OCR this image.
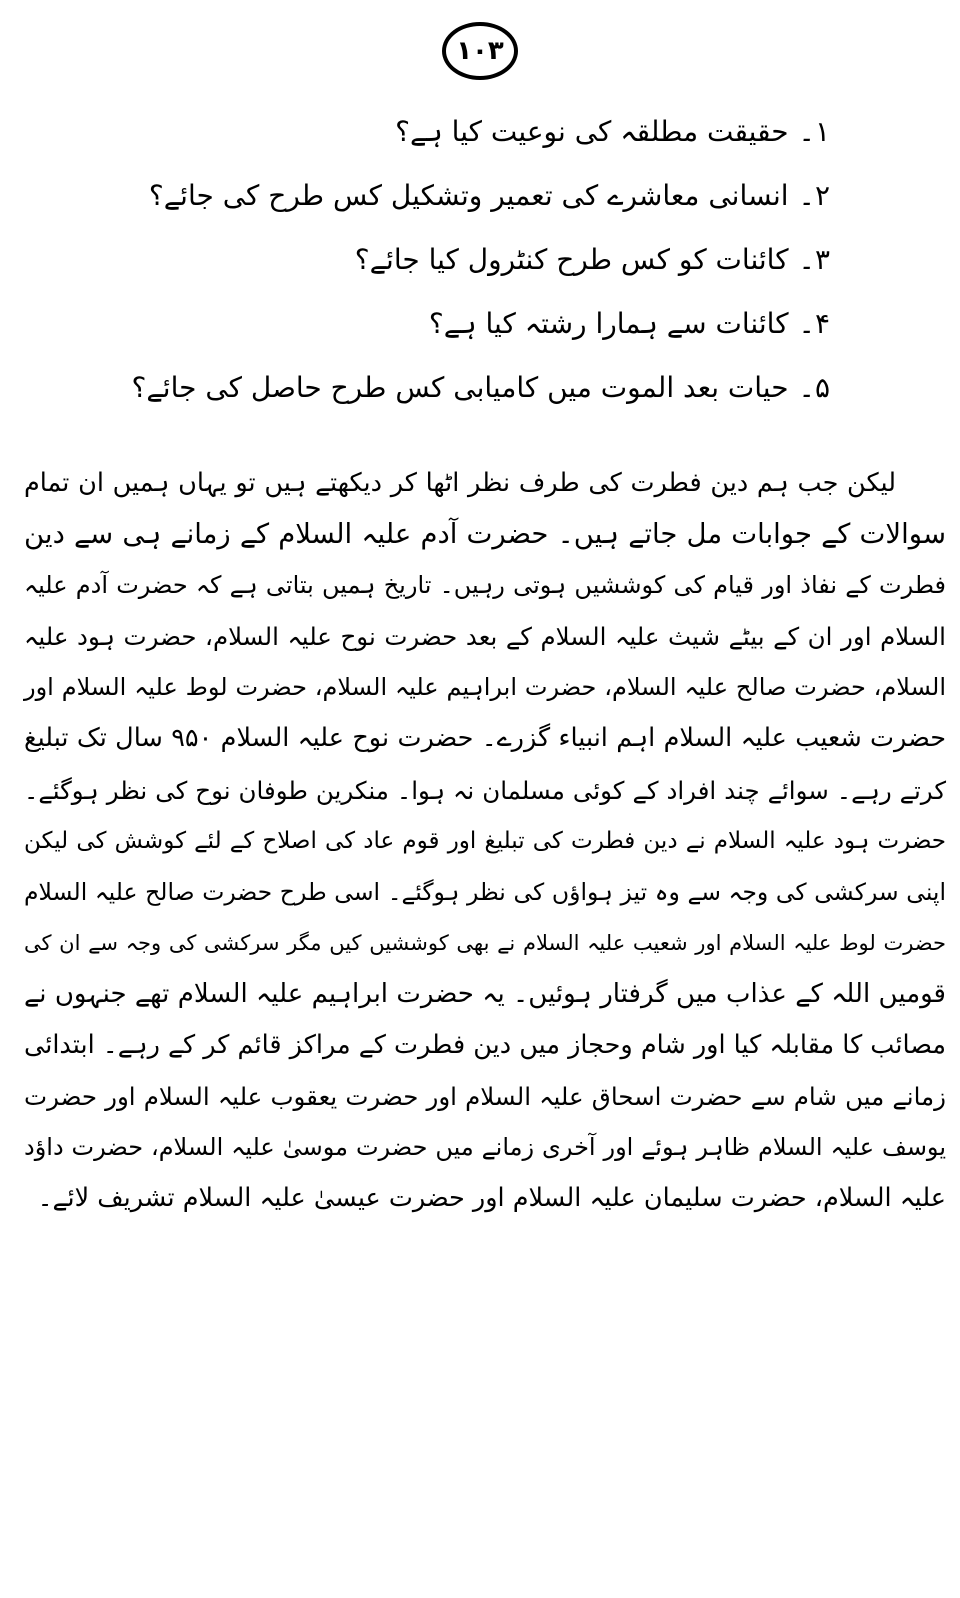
۱۰۳
۱۔حقیقت مطلقہ کی نوعیت کیا ہے؟
۲۔انسانی معاشرے کی تعمیر وتشکیل کس طرح کی جائے؟
۳۔کائنات کو کس طرح کنٹرول کیا جائے؟
۴۔کائنات سے ہمارا رشتہ کیا ہے؟
۵۔حیات بعد الموت میں کامیابی کس طرح حاصل کی جائے؟
لیکن جب ہم دین فطرت کی طرف نظر اٹھا کر دیکھتے ہیں تو یہاں ہمیں ان تمام
سوالات کے جوابات مل جاتے ہیں۔ حضرت آدم علیہ السلام کے زمانے ہی سے دین
فطرت کے نفاذ اور قیام کی کوششیں ہوتی رہیں۔ تاریخ ہمیں بتاتی ہے کہ حضرت آدم علیہ
السلام اور ان کے بیٹے شیث علیہ السلام کے بعد حضرت نوح علیہ السلام، حضرت ہود علیہ
السلام، حضرت صالح علیہ السلام، حضرت ابراہیم علیہ السلام، حضرت لوط علیہ السلام اور
حضرت شعیب علیہ السلام اہم انبیاء گزرے۔ حضرت نوح علیہ السلام ۹۵۰ سال تک تبلیغ
کرتے رہے۔ سوائے چند افراد کے کوئی مسلمان نہ ہوا۔ منکرین طوفان نوح کی نظر ہوگئے۔
حضرت ہود علیہ السلام نے دین فطرت کی تبلیغ اور قوم عاد کی اصلاح کے لئے کوشش کی لیکن
اپنی سرکشی کی وجہ سے وہ تیز ہواؤں کی نظر ہوگئے۔ اسی طرح حضرت صالح علیہ السلام
حضرت لوط علیہ السلام اور شعیب علیہ السلام نے بھی کوششیں کیں مگر سرکشی کی وجہ سے ان کی
قومیں اللہ کے عذاب میں گرفتار ہوئیں۔ یہ حضرت ابراہیم علیہ السلام تھے جنہوں نے
مصائب کا مقابلہ کیا اور شام وحجاز میں دین فطرت کے مراکز قائم کر کے رہے۔ ابتدائی
زمانے میں شام سے حضرت اسحاق علیہ السلام اور حضرت یعقوب علیہ السلام اور حضرت
یوسف علیہ السلام ظاہر ہوئے اور آخری زمانے میں حضرت موسیٰ علیہ السلام، حضرت داؤد
علیہ السلام، حضرت سلیمان علیہ السلام اور حضرت عیسیٰ علیہ السلام تشریف لائے۔
